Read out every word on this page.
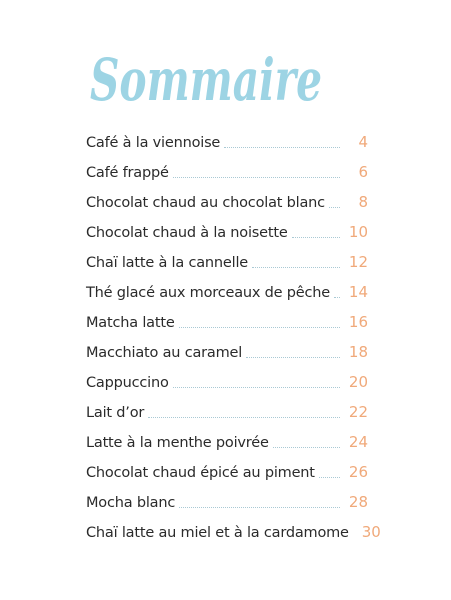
Sommaire
Café à la viennoise	4
Café frappé	6
Chocolat chaud au chocolat blanc	8
Chocolat chaud à la noisette	10
Chaï latte à la cannelle	12
Thé glacé aux morceaux de pêche 14
Matcha latte	16
Macchiato au caramel	18
Cappuccino	20
Lait d’or	22
Latte à la menthe poivrée	24
Chocolat chaud épicé au piment 26
Mocha blanc	28
Chaï latte au miel et à la cardamome 30
